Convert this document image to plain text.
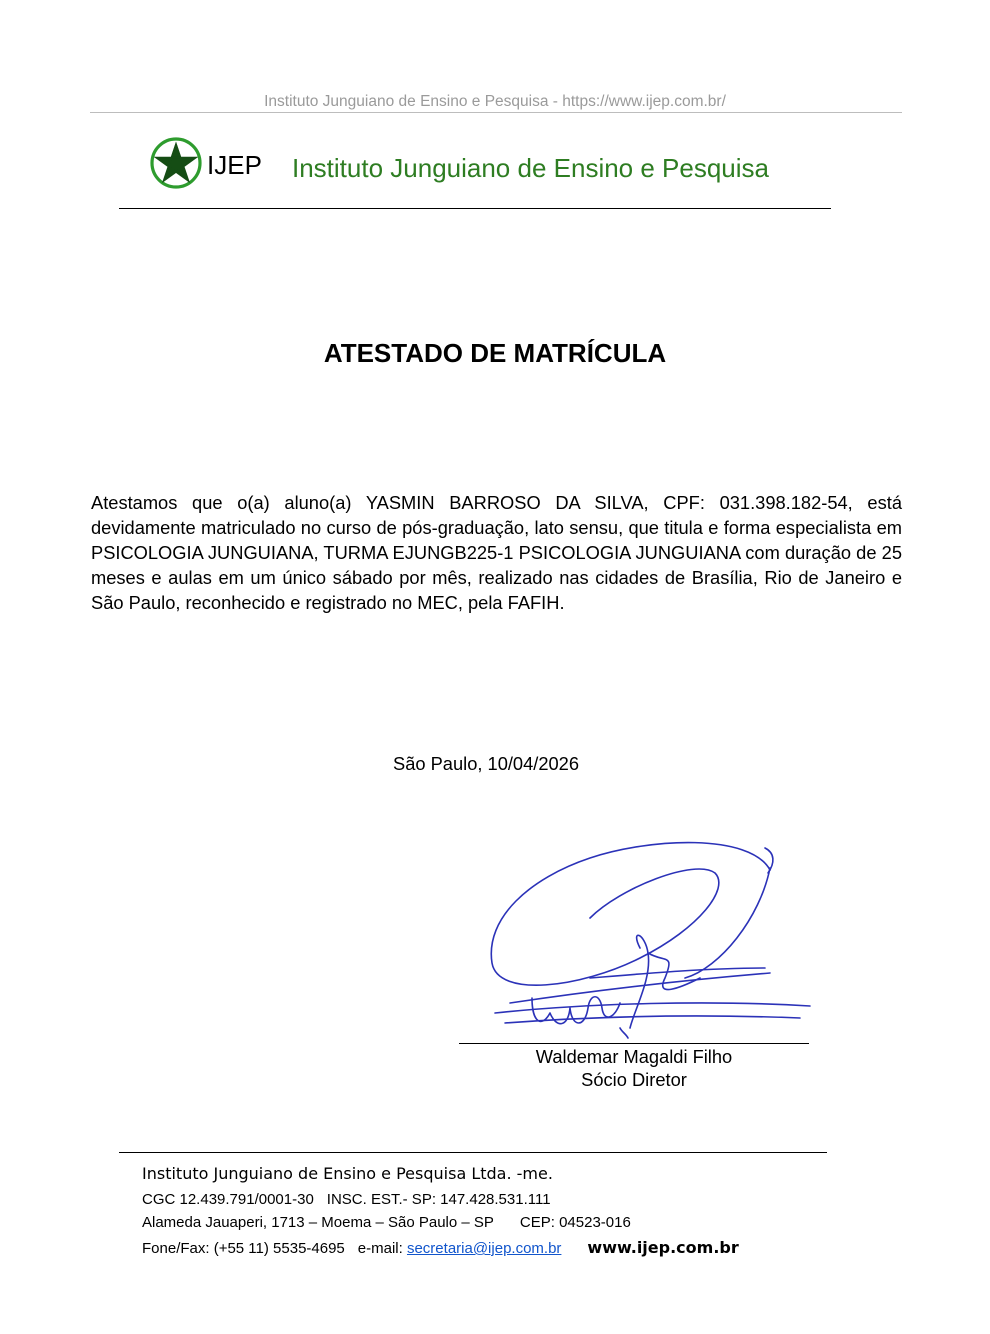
Instituto Junguiano de Ensino e Pesquisa - https://www.ijep.com.br/
IJEP Instituto Junguiano de Ensino e Pesquisa
ATESTADO DE MATRÍCULA
Atestamos que o(a) aluno(a) YASMIN BARROSO DA SILVA, CPF: 031.398.182-54, está devidamente matriculado no curso de pós-graduação, lato sensu, que titula e forma especialista em PSICOLOGIA JUNGUIANA, TURMA EJUNGB225-1 PSICOLOGIA JUNGUIANA com duração de 25 meses e aulas em um único sábado por mês, realizado nas cidades de Brasília, Rio de Janeiro e São Paulo, reconhecido e registrado no MEC, pela FAFIH.
São Paulo, 10/04/2026
Waldemar Magaldi Filho
Sócio Diretor
Instituto Junguiano de Ensino e Pesquisa Ltda. -me.
CGC 12.439.791/0001-30 INSC. EST.- SP: 147.428.531.111
Alameda Jauaperi, 1713 – Moema – São Paulo – SP CEP: 04523-016
Fone/Fax: (+55 11) 5535-4695 e-mail: secretaria@ijep.com.br www.ijep.com.br
